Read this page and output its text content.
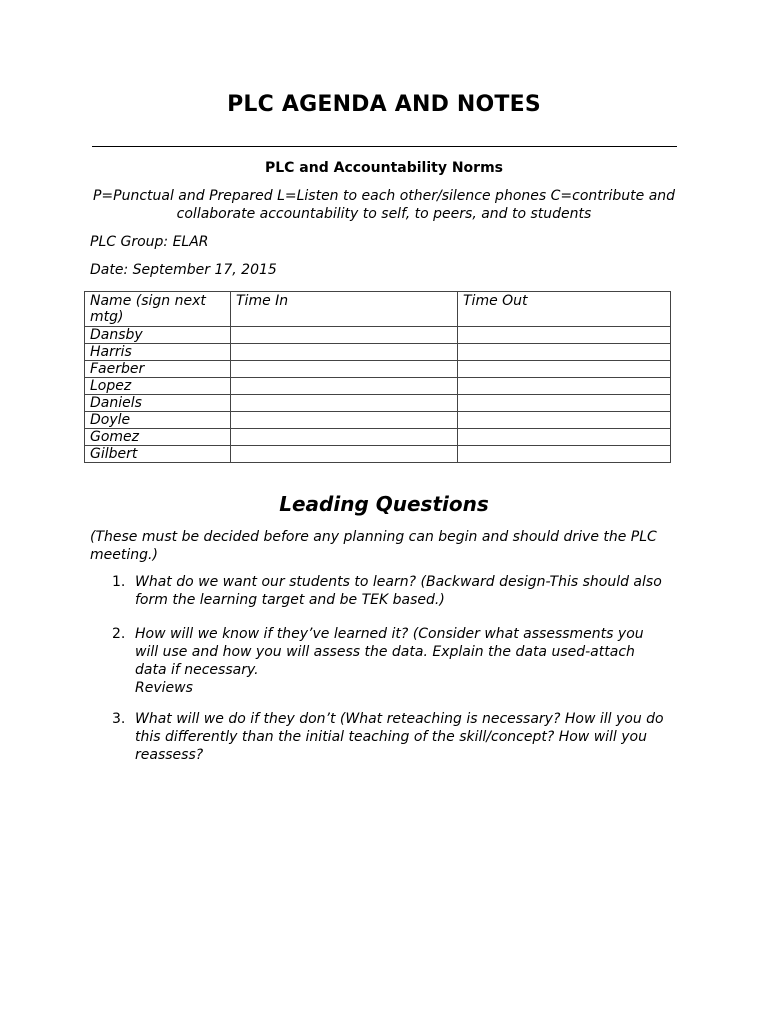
PLC AGENDA AND NOTES
PLC and Accountability Norms
P=Punctual and Prepared L=Listen to each other/silence phones C=contribute and collaborate accountability to self, to peers, and to students
PLC Group: ELAR
Date: September 17, 2015
Name (sign next mtg)	Time In	Time Out
Dansby		
Harris		
Faerber		
Lopez		
Daniels		
Doyle		
Gomez		
Gilbert		
Leading Questions
(These must be decided before any planning can begin and should drive the PLC meeting.)
1. What do we want our students to learn? (Backward design-This should also form the learning target and be TEK based.)
2. How will we know if they’ve learned it? (Consider what assessments you will use and how you will assess the data. Explain the data used-attach data if necessary.
Reviews
3. What will we do if they don’t (What reteaching is necessary? How ill you do this differently than the initial teaching of the skill/concept? How will you reassess?
